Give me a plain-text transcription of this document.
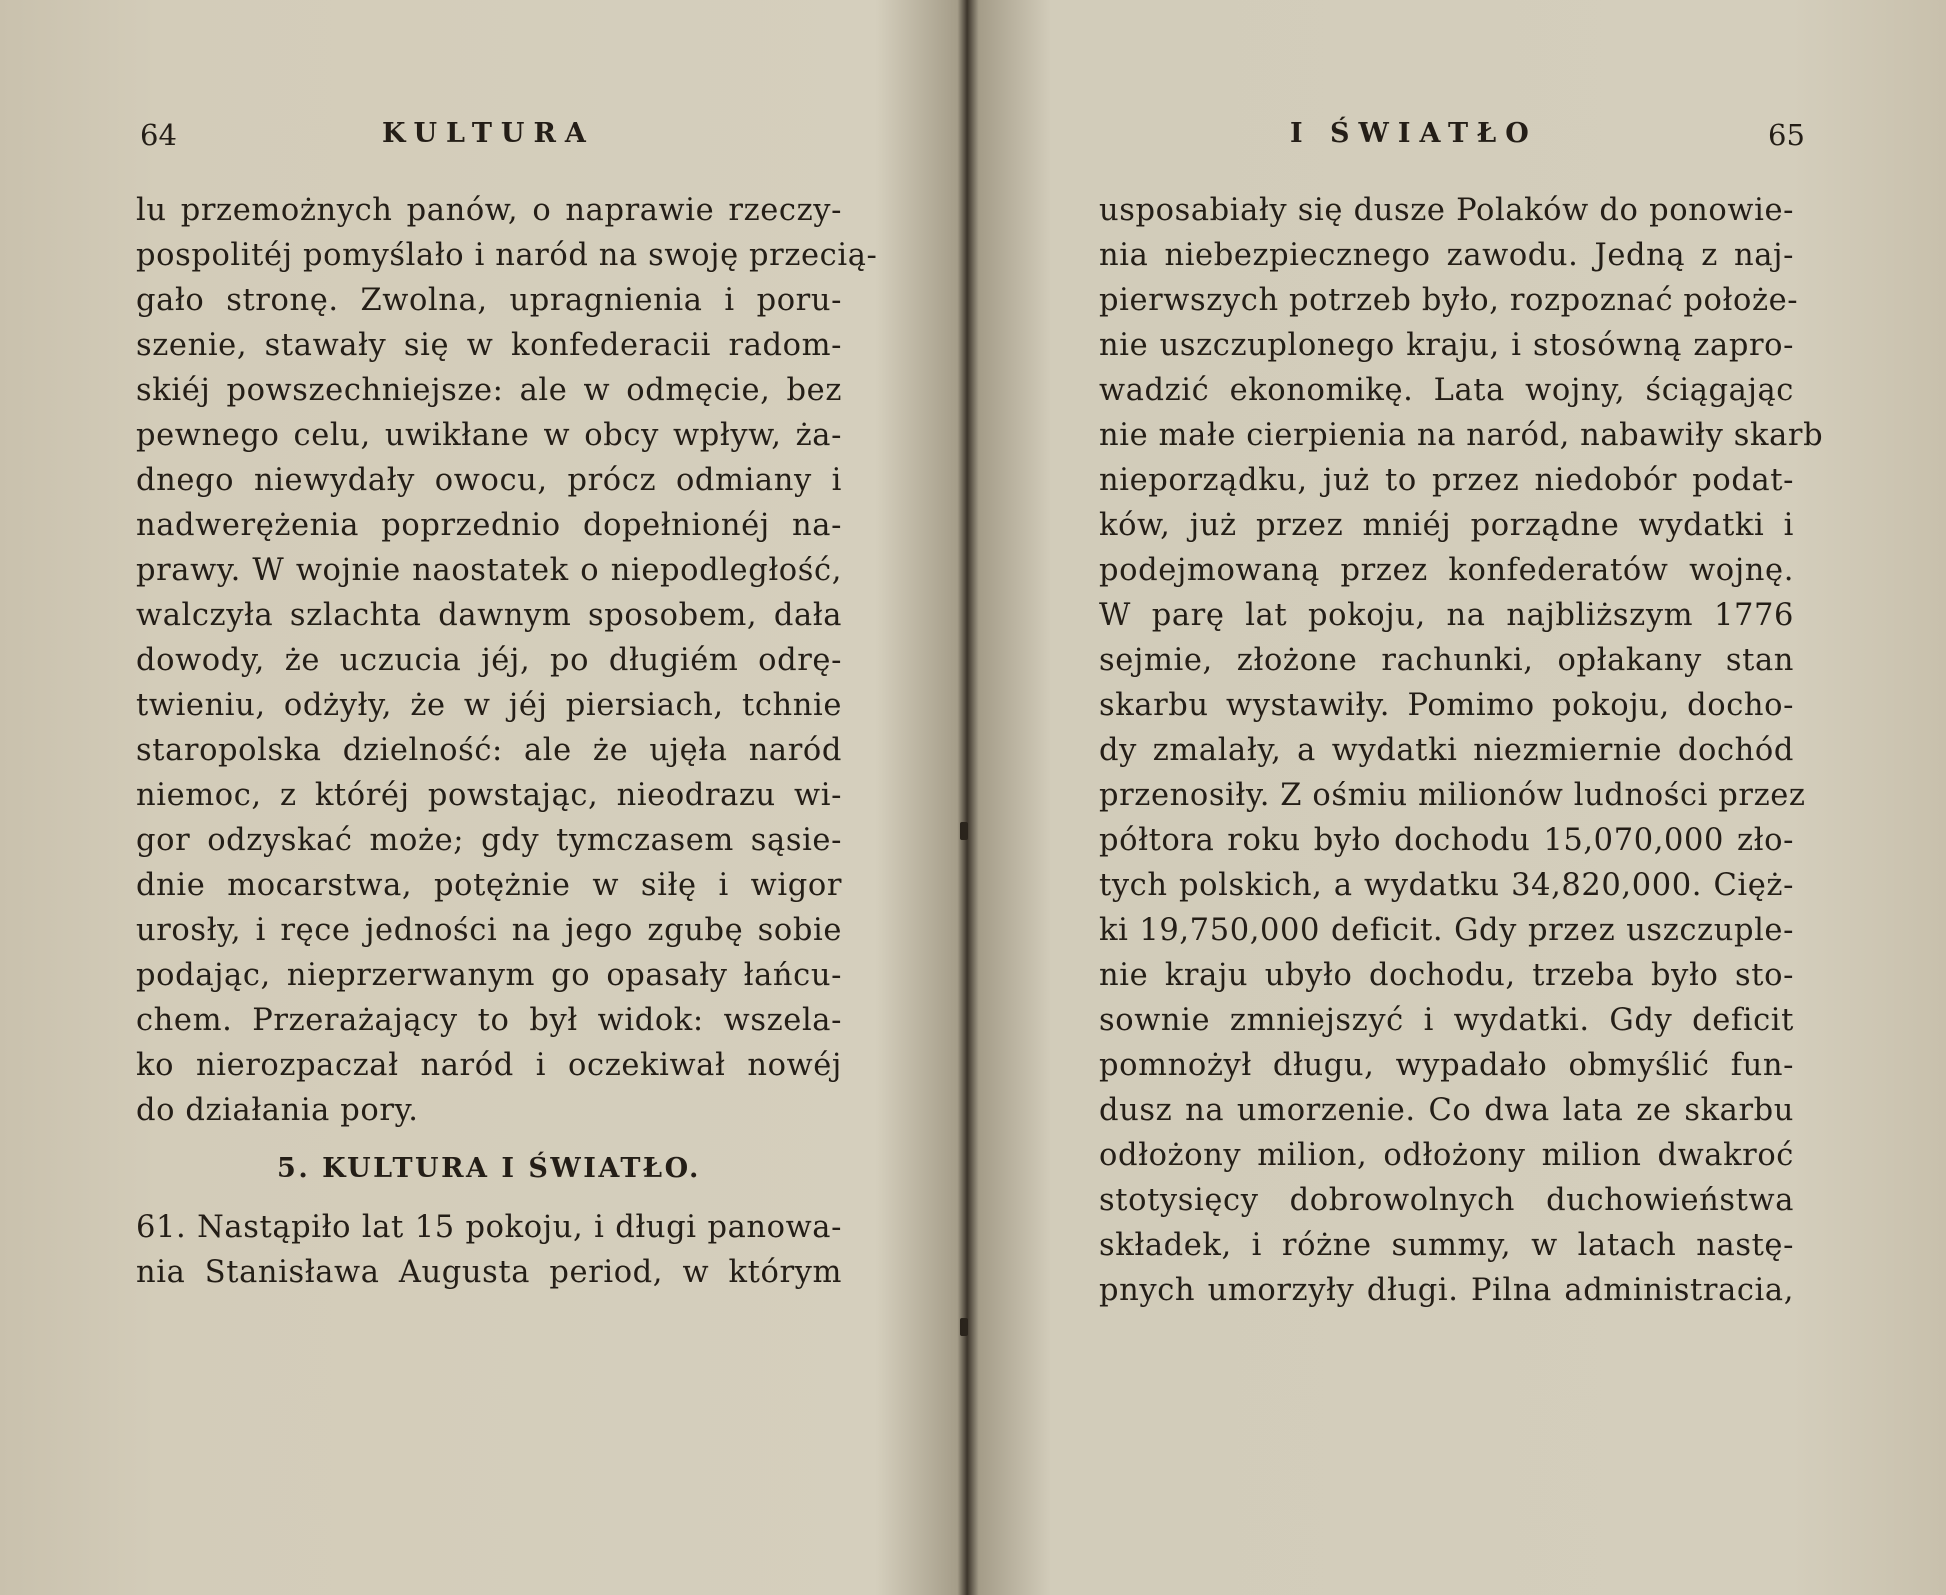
64	KULTURA
lu przemożnych panów, o naprawie rzeczy-
pospolitéj pomyślało i naród na swoję przecią-
gało stronę. Zwolna, upragnienia i poru-
szenie, stawały się w konfederacii radom-
skiéj powszechniejsze: ale w odmęcie, bez
pewnego celu, uwikłane w obcy wpływ, ża-
dnego niewydały owocu, prócz odmiany i
nadwerężenia poprzednio dopełnionéj na-
prawy. W wojnie naostatek o niepodległość,
walczyła szlachta dawnym sposobem, dała
dowody, że uczucia jéj, po długiém odrę-
twieniu, odżyły, że w jéj piersiach, tchnie
staropolska dzielność: ale że ujęła naród
niemoc, z któréj powstając, nieodrazu wi-
gor odzyskać może; gdy tymczasem sąsie-
dnie mocarstwa, potężnie w siłę i wigor
urosły, i ręce jedności na jego zgubę sobie
podając, nieprzerwanym go opasały łańcu-
chem. Przerażający to był widok: wszela-
ko nierozpaczał naród i oczekiwał nowéj
do działania pory.
5. KULTURA I ŚWIATŁO.
61. Nastąpiło lat 15 pokoju, i długi panowa-
nia Stanisława Augusta period, w którym
I ŚWIATŁO	65
usposabiały się dusze Polaków do ponowie-
nia niebezpiecznego zawodu. Jedną z naj-
pierwszych potrzeb było, rozpoznać położe-
nie uszczuplonego kraju, i stosówną zapro-
wadzić ekonomikę. Lata wojny, ściągając
nie małe cierpienia na naród, nabawiły skarb
nieporządku, już to przez niedobór podat-
ków, już przez mniéj porządne wydatki i
podejmowaną przez konfederatów wojnę.
W parę lat pokoju, na najbliższym 1776
sejmie, złożone rachunki, opłakany stan
skarbu wystawiły. Pomimo pokoju, docho-
dy zmalały, a wydatki niezmiernie dochód
przenosiły. Z ośmiu milionów ludności przez
półtora roku było dochodu 15,070,000 zło-
tych polskich, a wydatku 34,820,000. Cięż-
ki 19,750,000 deficit. Gdy przez uszczuple-
nie kraju ubyło dochodu, trzeba było sto-
sownie zmniejszyć i wydatki. Gdy deficit
pomnożył długu, wypadało obmyślić fun-
dusz na umorzenie. Co dwa lata ze skarbu
odłożony milion, odłożony milion dwakroć
stotysięcy dobrowolnych duchowieństwa
składek, i różne summy, w latach nastę-
pnych umorzyły długi. Pilna administracia,
